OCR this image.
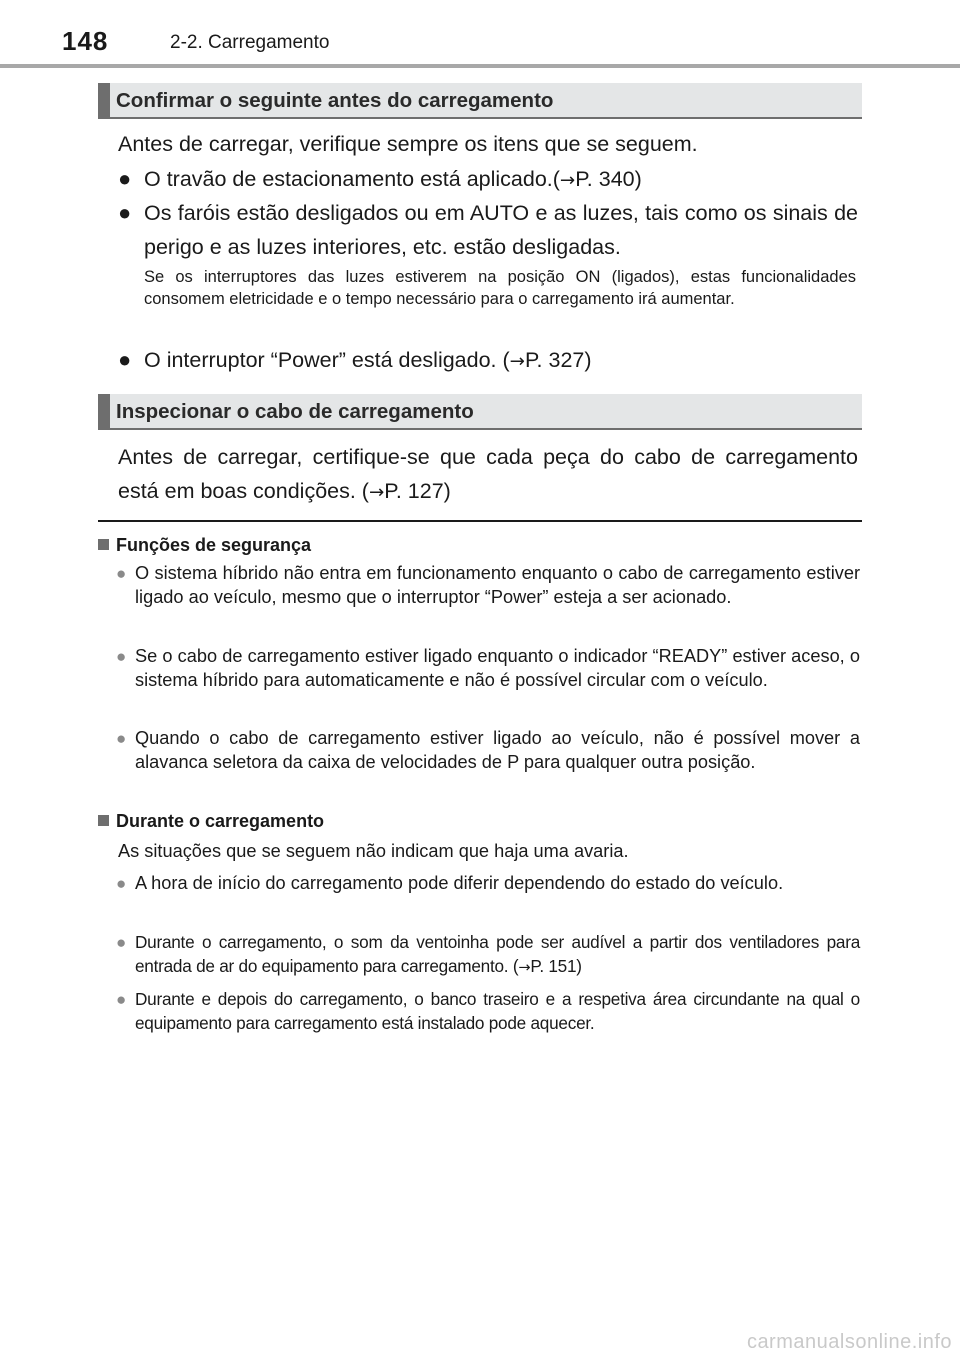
148	2-2. Carregamento
Confirmar o seguinte antes do carregamento
Antes de carregar, verifique sempre os itens que se seguem.
● O travão de estacionamento está aplicado.(→P. 340)
● Os faróis estão desligados ou em AUTO e as luzes, tais como os sinais de perigo e as luzes interiores, etc. estão desligadas.
Se os interruptores das luzes estiverem na posição ON (ligados), estas funcionalidades consomem eletricidade e o tempo necessário para o carregamento irá aumentar.
● O interruptor “Power” está desligado. (→P. 327)
Inspecionar o cabo de carregamento
Antes de carregar, certifique-se que cada peça do cabo de carregamento está em boas condições. (→P. 127)
Funções de segurança
● O sistema híbrido não entra em funcionamento enquanto o cabo de carregamento estiver ligado ao veículo, mesmo que o interruptor “Power” esteja a ser acionado.
● Se o cabo de carregamento estiver ligado enquanto o indicador “READY” estiver aceso, o sistema híbrido para automaticamente e não é possível circular com o veículo.
● Quando o cabo de carregamento estiver ligado ao veículo, não é possível mover a alavanca seletora da caixa de velocidades de P para qualquer outra posição.
Durante o carregamento
As situações que se seguem não indicam que haja uma avaria.
● A hora de início do carregamento pode diferir dependendo do estado do veículo.
● Durante o carregamento, o som da ventoinha pode ser audível a partir dos ventiladores para entrada de ar do equipamento para carregamento. (→P. 151)
● Durante e depois do carregamento, o banco traseiro e a respetiva área circundante na qual o equipamento para carregamento está instalado pode aquecer.
carmanualsonline.info
